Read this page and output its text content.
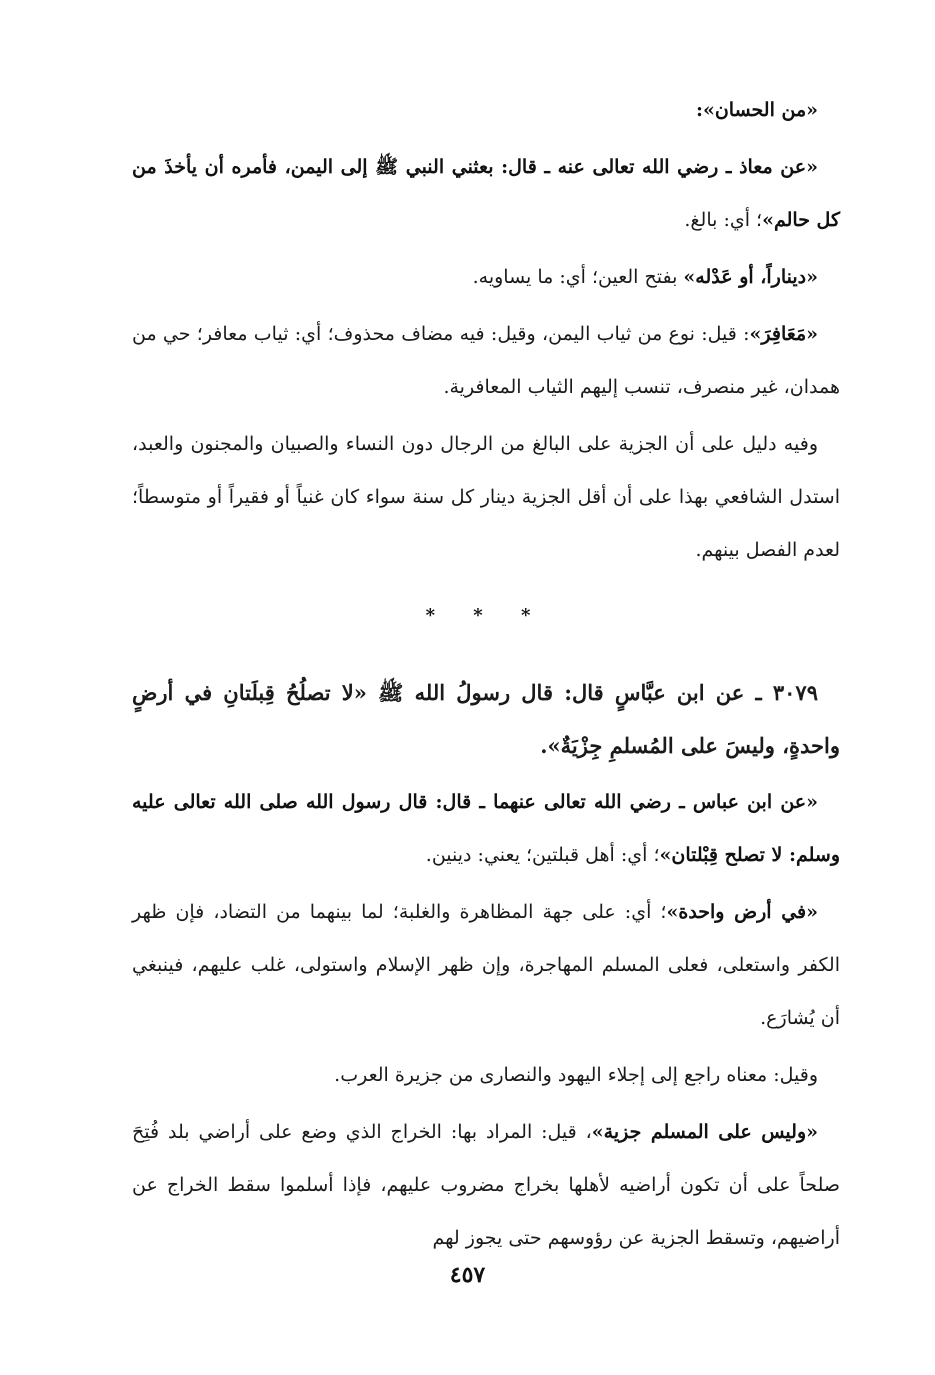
«من الحسان»:

«عن معاذ ـ رضي الله تعالى عنه ـ قال: بعثني النبي ﷺ إلى اليمن، فأمره أن يأخذَ من كل حالم»؛ أي: بالغ.

«ديناراً، أو عَدْله» بفتح العين؛ أي: ما يساويه.

«مَعَافِرَ»: قيل: نوع من ثياب اليمن، وقيل: فيه مضاف محذوف؛ أي: ثياب معافر؛ حي من همدان، غير منصرف، تنسب إليهم الثياب المعافرية.

وفيه دليل على أن الجزية على البالغ من الرجال دون النساء والصبيان والمجنون والعبد، استدل الشافعي بهذا على أن أقل الجزية دينار كل سنة سواء كان غنياً أو فقيراً أو متوسطاً؛ لعدم الفصل بينهم.

* * *

٣٠٧٩ ـ عن ابن عبَّاسٍ قال: قال رسولُ الله ﷺ «لا تصلُحُ قِبلَتانِ في أرضٍ واحدةٍ، وليسَ على المُسلمِ جِزْيَةٌ».

«عن ابن عباس ـ رضي الله تعالى عنهما ـ قال: قال رسول الله صلى الله تعالى عليه وسلم: لا تصلح قِبْلتان»؛ أي: أهل قبلتين؛ يعني: دينين.

«في أرض واحدة»؛ أي: على جهة المظاهرة والغلبة؛ لما بينهما من التضاد، فإن ظهر الكفر واستعلى، فعلى المسلم المهاجرة، وإن ظهر الإسلام واستولى، غلب عليهم، فينبغي أن يُشارَع.

وقيل: معناه راجع إلى إجلاء اليهود والنصارى من جزيرة العرب.

«وليس على المسلم جزية»، قيل: المراد بها: الخراج الذي وضع على أراضي بلد فُتِحَ صلحاً على أن تكون أراضيه لأهلها بخراج مضروب عليهم، فإذا أسلموا سقط الخراج عن أراضيهم، وتسقط الجزية عن رؤوسهم حتى يجوز لهم

٤٥٧
